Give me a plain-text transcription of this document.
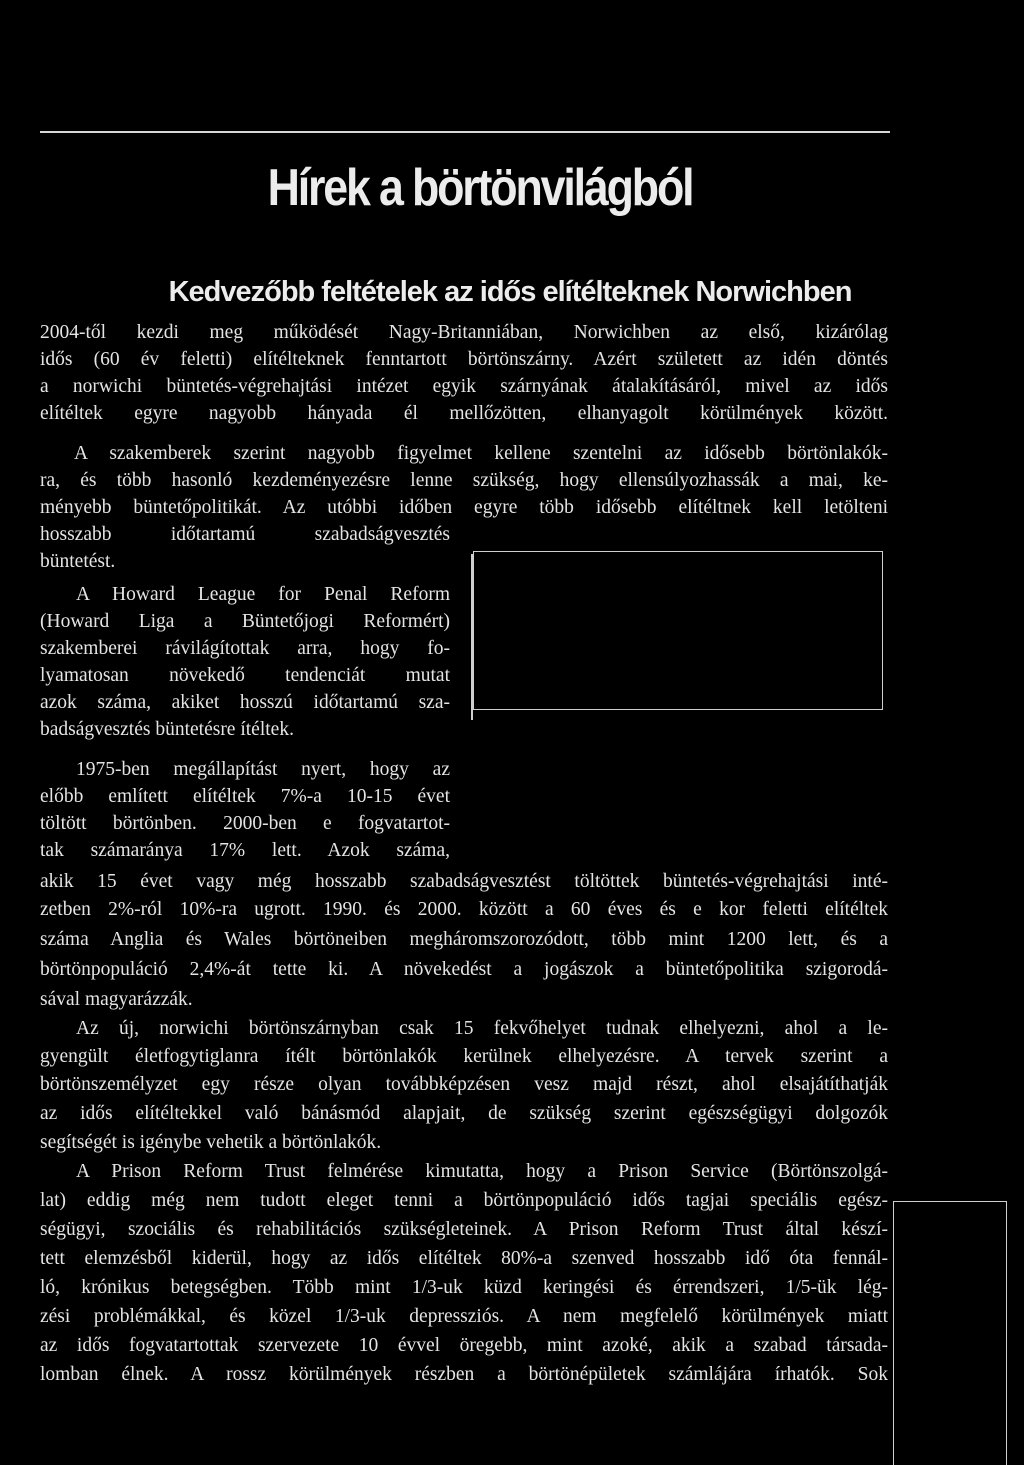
Hírek a börtönvilágból
Kedvezőbb feltételek az idős elítélteknek Norwichben
2004-től kezdi meg működését Nagy-Britanniában, Norwichben az első, kizárólag
idős (60 év feletti) elítélteknek fenntartott börtönszárny. Azért született az idén döntés
a norwichi büntetés-végrehajtási intézet egyik szárnyának átalakításáról, mivel az idős
elítéltek egyre nagyobb hányada él mellőzötten, elhanyagolt körülmények között.
A szakemberek szerint nagyobb figyelmet kellene szentelni az idősebb börtönlakók-
ra, és több hasonló kezdeményezésre lenne szükség, hogy ellensúlyozhassák a mai, ke-
ményebb büntetőpolitikát. Az utóbbi időben egyre több idősebb elítéltnek kell letölteni
hosszabb időtartamú szabadságvesztés
büntetést.
A Howard League for Penal Reform
(Howard Liga a Büntetőjogi Reformért)
szakemberei rávilágítottak arra, hogy fo-
lyamatosan növekedő tendenciát mutat
azok száma, akiket hosszú időtartamú sza-
badságvesztés büntetésre ítéltek.
1975-ben megállapítást nyert, hogy az
előbb említett elítéltek 7%-a 10-15 évet
töltött börtönben. 2000-ben e fogvatartot-
tak számaránya 17% lett. Azok száma,
akik 15 évet vagy még hosszabb szabadságvesztést töltöttek büntetés-végrehajtási inté-
zetben 2%-ról 10%-ra ugrott. 1990. és 2000. között a 60 éves és e kor feletti elítéltek
száma Anglia és Wales börtöneiben megháromszorozódott, több mint 1200 lett, és a
börtönpopuláció 2,4%-át tette ki. A növekedést a jogászok a büntetőpolitika szigorodá-
sával magyarázzák.
Az új, norwichi börtönszárnyban csak 15 fekvőhelyet tudnak elhelyezni, ahol a le-
gyengült életfogytiglanra ítélt börtönlakók kerülnek elhelyezésre. A tervek szerint a
börtönszemélyzet egy része olyan továbbképzésen vesz majd részt, ahol elsajátíthatják
az idős elítéltekkel való bánásmód alapjait, de szükség szerint egészségügyi dolgozók
segítségét is igénybe vehetik a börtönlakók.
A Prison Reform Trust felmérése kimutatta, hogy a Prison Service (Börtönszolgá-
lat) eddig még nem tudott eleget tenni a börtönpopuláció idős tagjai speciális egész-
ségügyi, szociális és rehabilitációs szükségleteinek. A Prison Reform Trust által készí-
tett elemzésből kiderül, hogy az idős elítéltek 80%-a szenved hosszabb idő óta fennál-
ló, krónikus betegségben. Több mint 1/3-uk küzd keringési és érrendszeri, 1/5-ük lég-
zési problémákkal, és közel 1/3-uk depressziós. A nem megfelelő körülmények miatt
az idős fogvatartottak szervezete 10 évvel öregebb, mint azoké, akik a szabad társada-
lomban élnek. A rossz körülmények részben a börtönépületek számlájára írhatók. Sok
